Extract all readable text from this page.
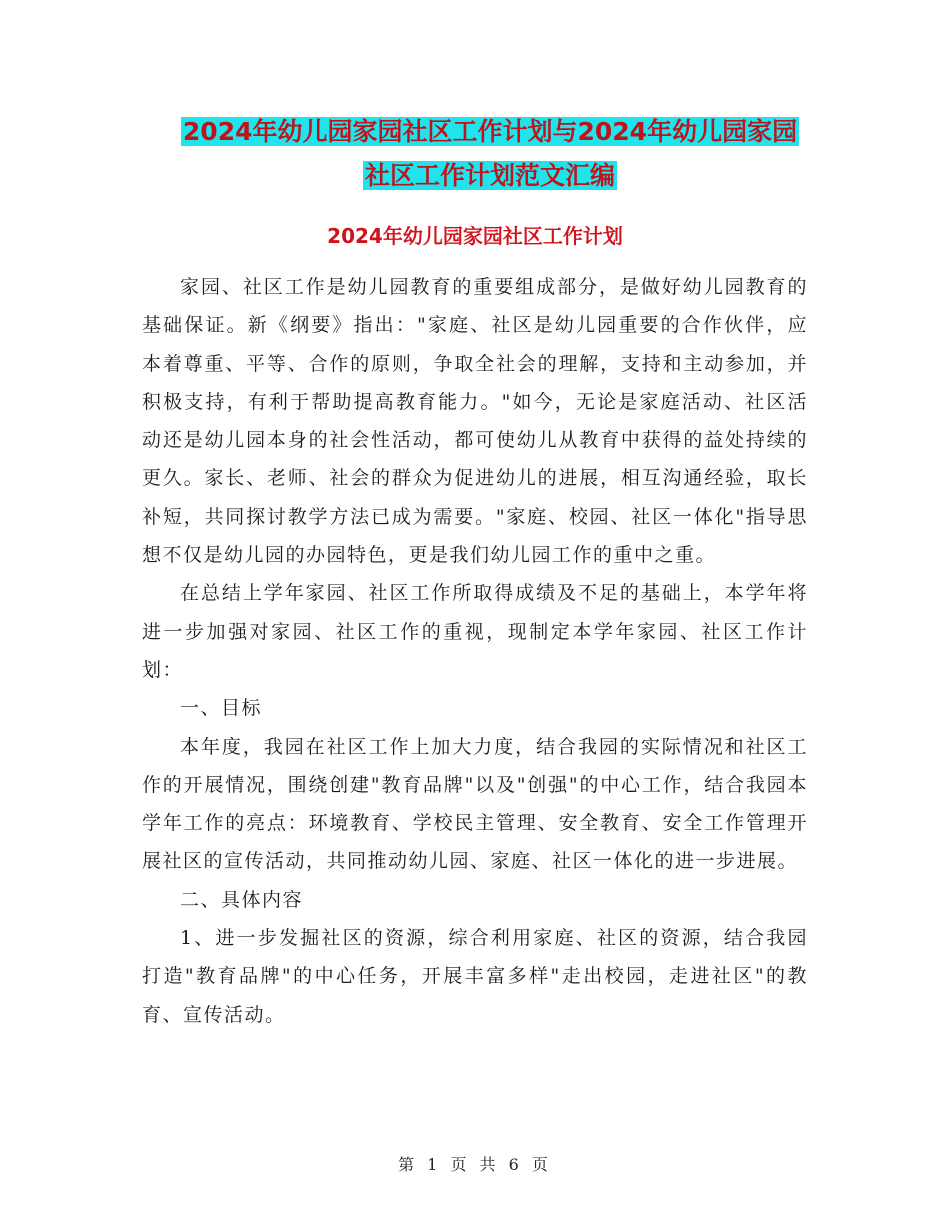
2024年幼儿园家园社区工作计划与2024年幼儿园家园
社区工作计划范文汇编
2024年幼儿园家园社区工作计划

家园、社区工作是幼儿园教育的重要组成部分，是做好幼儿园教育的基础保证。新《纲要》指出："家庭、社区是幼儿园重要的合作伙伴，应本着尊重、平等、合作的原则，争取全社会的理解，支持和主动参加，并积极支持，有利于帮助提高教育能力。"如今，无论是家庭活动、社区活动还是幼儿园本身的社会性活动，都可使幼儿从教育中获得的益处持续的更久。家长、老师、社会的群众为促进幼儿的进展，相互沟通经验，取长补短，共同探讨教学方法已成为需要。"家庭、校园、社区一体化"指导思想不仅是幼儿园的办园特色，更是我们幼儿园工作的重中之重。

在总结上学年家园、社区工作所取得成绩及不足的基础上，本学年将进一步加强对家园、社区工作的重视，现制定本学年家园、社区工作计划：

一、目标

本年度，我园在社区工作上加大力度，结合我园的实际情况和社区工作的开展情况，围绕创建"教育品牌"以及"创强"的中心工作，结合我园本学年工作的亮点：环境教育、学校民主管理、安全教育、安全工作管理开展社区的宣传活动，共同推动幼儿园、家庭、社区一体化的进一步进展。

二、具体内容

1、进一步发掘社区的资源，综合利用家庭、社区的资源，结合我园打造"教育品牌"的中心任务，开展丰富多样"走出校园，走进社区"的教育、宣传活动。

第 1 页 共 6 页
